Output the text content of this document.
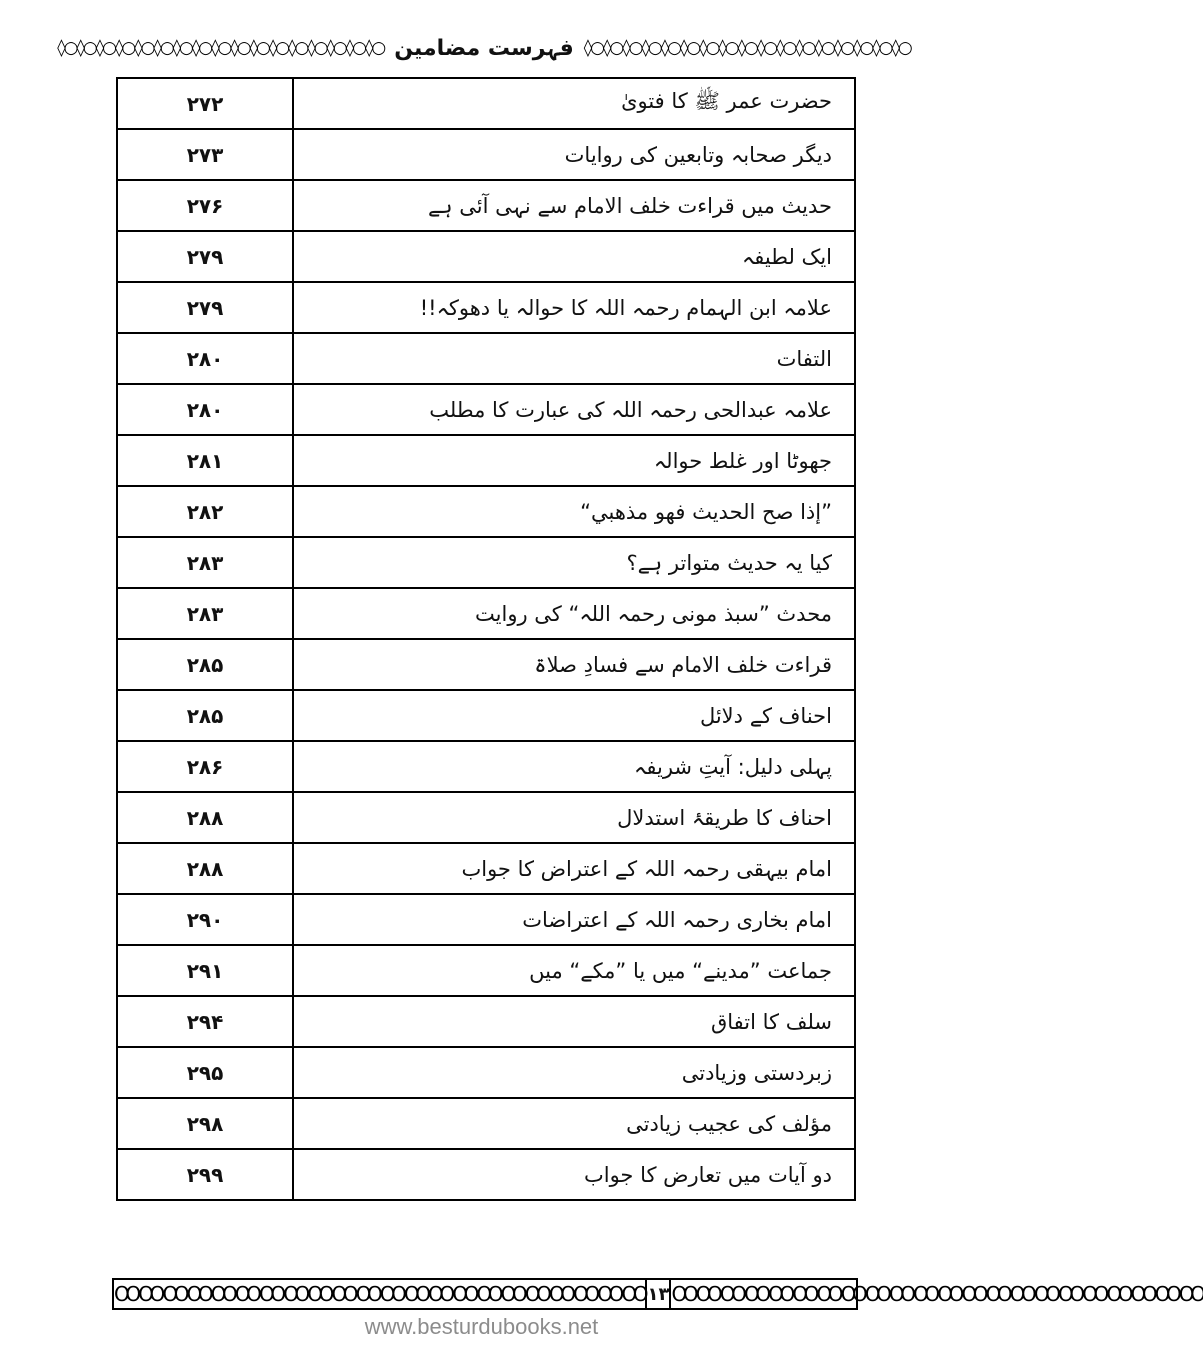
◊○◊○◊○◊○◊○◊○◊○◊○◊○◊○◊○◊○◊○◊○◊○◊○◊○ فہرست مضامین ◊○◊○◊○◊○◊○◊○◊○◊○◊○◊○◊○◊○◊○◊○◊○◊○◊○
۲۷۲	حضرت عمر ﷺ کا فتویٰ
۲۷۳	دیگر صحابہ وتابعین کی روایات
۲۷۶	حدیث میں قراءت خلف الامام سے نہی آئی ہے
۲۷۹	ایک لطیفہ
۲۷۹	علامہ ابن الہمام رحمہ اللہ کا حوالہ یا دھوکہ!!
۲۸۰	التفات
۲۸۰	علامہ عبدالحی رحمہ اللہ کی عبارت کا مطلب
۲۸۱	جھوٹا اور غلط حوالہ
۲۸۲	”إذا صح الحديث فهو مذهبي“
۲۸۳	کیا یہ حدیث متواتر ہے؟
۲۸۳	محدث ”سبذ مونی رحمہ اللہ“ کی روایت
۲۸۵	قراءت خلف الامام سے فسادِ صلاۃ
۲۸۵	احناف کے دلائل
۲۸۶	پہلی دلیل: آیتِ شریفہ
۲۸۸	احناف کا طریقۂ استدلال
۲۸۸	امام بیہقی رحمہ اللہ کے اعتراض کا جواب
۲۹۰	امام بخاری رحمہ اللہ کے اعتراضات
۲۹۱	جماعت ”مدینے“ میں یا ”مکے“ میں
۲۹۴	سلف کا اتفاق
۲۹۵	زبردستی وزیادتی
۲۹۸	مؤلف کی عجیب زیادتی
۲۹۹	دو آیات میں تعارض کا جواب
ꝎꝎꝎꝎꝎꝎꝎꝎꝎꝎꝎꝎꝎꝎꝎꝎꝎꝎꝎꝎꝎꝎ ۱۳ ꝎꝎꝎꝎꝎꝎꝎꝎꝎꝎꝎꝎꝎꝎꝎꝎꝎꝎꝎꝎꝎꝎ
www.besturdubooks.net
